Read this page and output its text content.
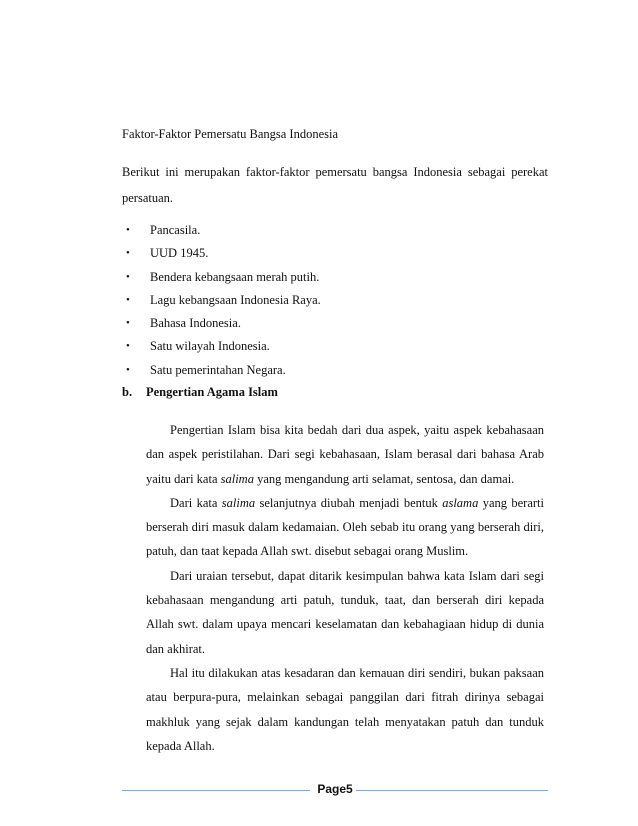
Faktor-Faktor Pemersatu Bangsa Indonesia
Berikut ini merupakan faktor-faktor pemersatu bangsa Indonesia sebagai perekat persatuan.
• Pancasila.
• UUD 1945.
• Bendera kebangsaan merah putih.
• Lagu kebangsaan Indonesia Raya.
• Bahasa Indonesia.
• Satu wilayah Indonesia.
• Satu pemerintahan Negara.
b. Pengertian Agama Islam

Pengertian Islam bisa kita bedah dari dua aspek, yaitu aspek kebahasaan dan aspek peristilahan. Dari segi kebahasaan, Islam berasal dari bahasa Arab yaitu dari kata salima yang mengandung arti selamat, sentosa, dan damai.

Dari kata salima selanjutnya diubah menjadi bentuk aslama yang berarti berserah diri masuk dalam kedamaian. Oleh sebab itu orang yang berserah diri, patuh, dan taat kepada Allah swt. disebut sebagai orang Muslim.

Dari uraian tersebut, dapat ditarik kesimpulan bahwa kata Islam dari segi kebahasaan mengandung arti patuh, tunduk, taat, dan berserah diri kepada Allah swt. dalam upaya mencari keselamatan dan kebahagiaan hidup di dunia dan akhirat.

Hal itu dilakukan atas kesadaran dan kemauan diri sendiri, bukan paksaan atau berpura-pura, melainkan sebagai panggilan dari fitrah dirinya sebagai makhluk yang sejak dalam kandungan telah menyatakan patuh dan tunduk kepada Allah.

Page5
